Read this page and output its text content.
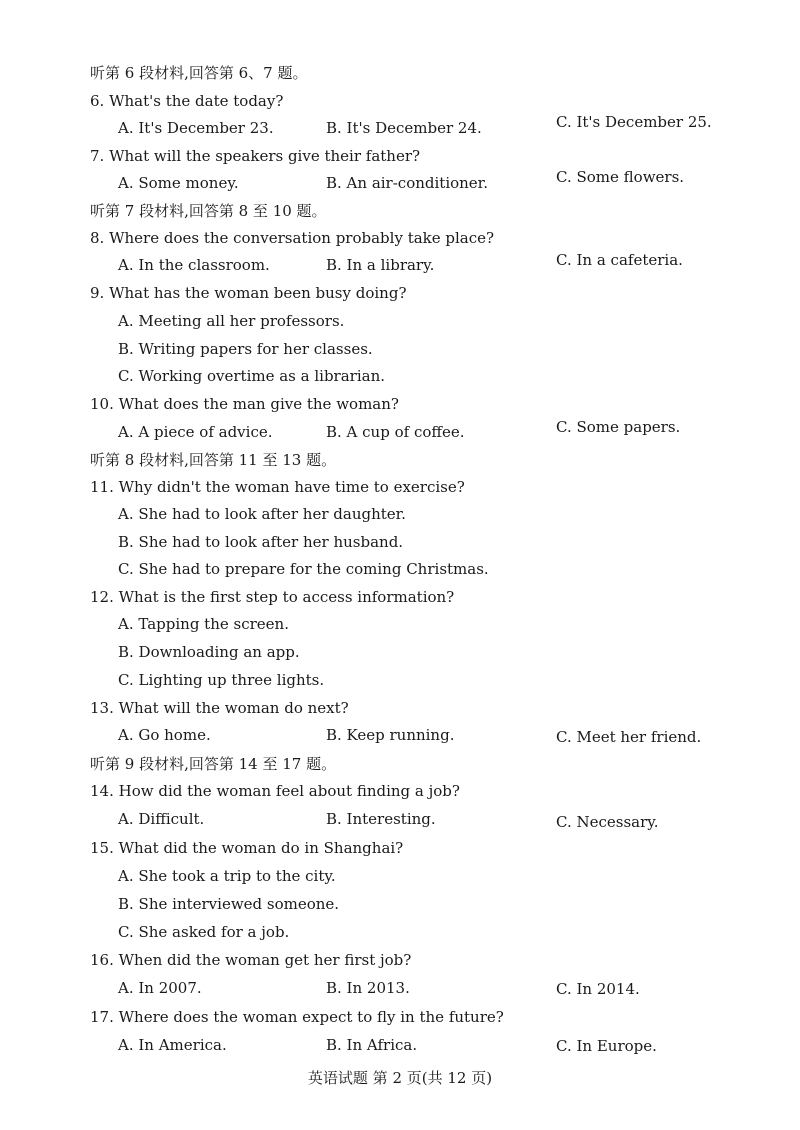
听第 6 段材料,回答第 6、7 题。
6. What's the date today?
A. It's December 23.	B. It's December 24.	C. It's December 25.
7. What will the speakers give their father?
A. Some money.	B. An air-conditioner.	C. Some flowers.
听第 7 段材料,回答第 8 至 10 题。
8. Where does the conversation probably take place?
A. In the classroom.	B. In a library.	C. In a cafeteria.
9. What has the woman been busy doing?
A. Meeting all her professors.
B. Writing papers for her classes.
C. Working overtime as a librarian.
10. What does the man give the woman?
A. A piece of advice.	B. A cup of coffee.	C. Some papers.
听第 8 段材料,回答第 11 至 13 题。
11. Why didn't the woman have time to exercise?
A. She had to look after her daughter.
B. She had to look after her husband.
C. She had to prepare for the coming Christmas.
12. What is the first step to access information?
A. Tapping the screen.
B. Downloading an app.
C. Lighting up three lights.
13. What will the woman do next?
A. Go home.	B. Keep running.	C. Meet her friend.
听第 9 段材料,回答第 14 至 17 题。
14. How did the woman feel about finding a job?
A. Difficult.	B. Interesting.	C. Necessary.
15. What did the woman do in Shanghai?
A. She took a trip to the city.
B. She interviewed someone.
C. She asked for a job.
16. When did the woman get her first job?
A. In 2007.	B. In 2013.	C. In 2014.
17. Where does the woman expect to fly in the future?
A. In America.	B. In Africa.	C. In Europe.
英语试题 第 2 页(共 12 页)
